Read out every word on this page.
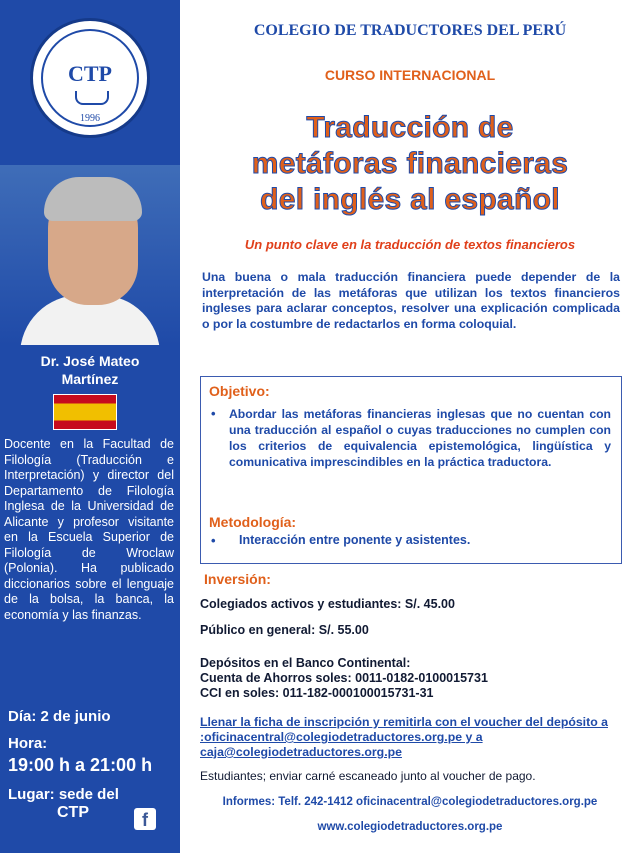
CTP
1996
Dr. José Mateo
Martínez
Docente en la Facultad de Filología (Traducción e Interpretación) y director del Departamento de Filología Inglesa de la Universidad de Alicante y profesor visitante en la Escuela Superior de Filología de Wroclaw (Polonia). Ha publicado diccionarios sobre el lenguaje de la bolsa, la banca, la economía y las finanzas.
Día: 2 de junio
Hora:
19:00 h a 21:00 h
Lugar: sede del
CTP	f
COLEGIO DE TRADUCTORES DEL PERÚ
CURSO INTERNACIONAL
Traducción de
metáforas financieras
del inglés al español
Un punto clave en la traducción de textos financieros
Una buena o mala traducción financiera puede depender de la interpretación de las metáforas que utilizan los textos financieros ingleses para aclarar conceptos, resolver una explicación complicada o por la costumbre de redactarlos en forma coloquial.
Objetivo:
• Abordar las metáforas financieras inglesas que no cuentan con una traducción al español o cuyas traducciones no cumplen con los criterios de equivalencia epistemológica, lingüística y comunicativa imprescindibles en la práctica traductora.
Metodología:
• Interacción entre ponente y asistentes.
Inversión:
Colegiados activos y estudiantes: S/. 45.00
Público en general: S/. 55.00
Depósitos en el Banco Continental:
Cuenta de Ahorros soles: 0011-0182-0100015731
CCI en soles: 011-182-000100015731-31
Llenar la ficha de inscripción y remitirla con el voucher del depósito a :oficinacentral@colegiodetraductores.org.pe y a caja@colegiodetraductores.org.pe
Estudiantes; enviar carné escaneado junto al voucher de pago.
Informes: Telf. 242-1412 oficinacentral@colegiodetraductores.org.pe
www.colegiodetraductores.org.pe
